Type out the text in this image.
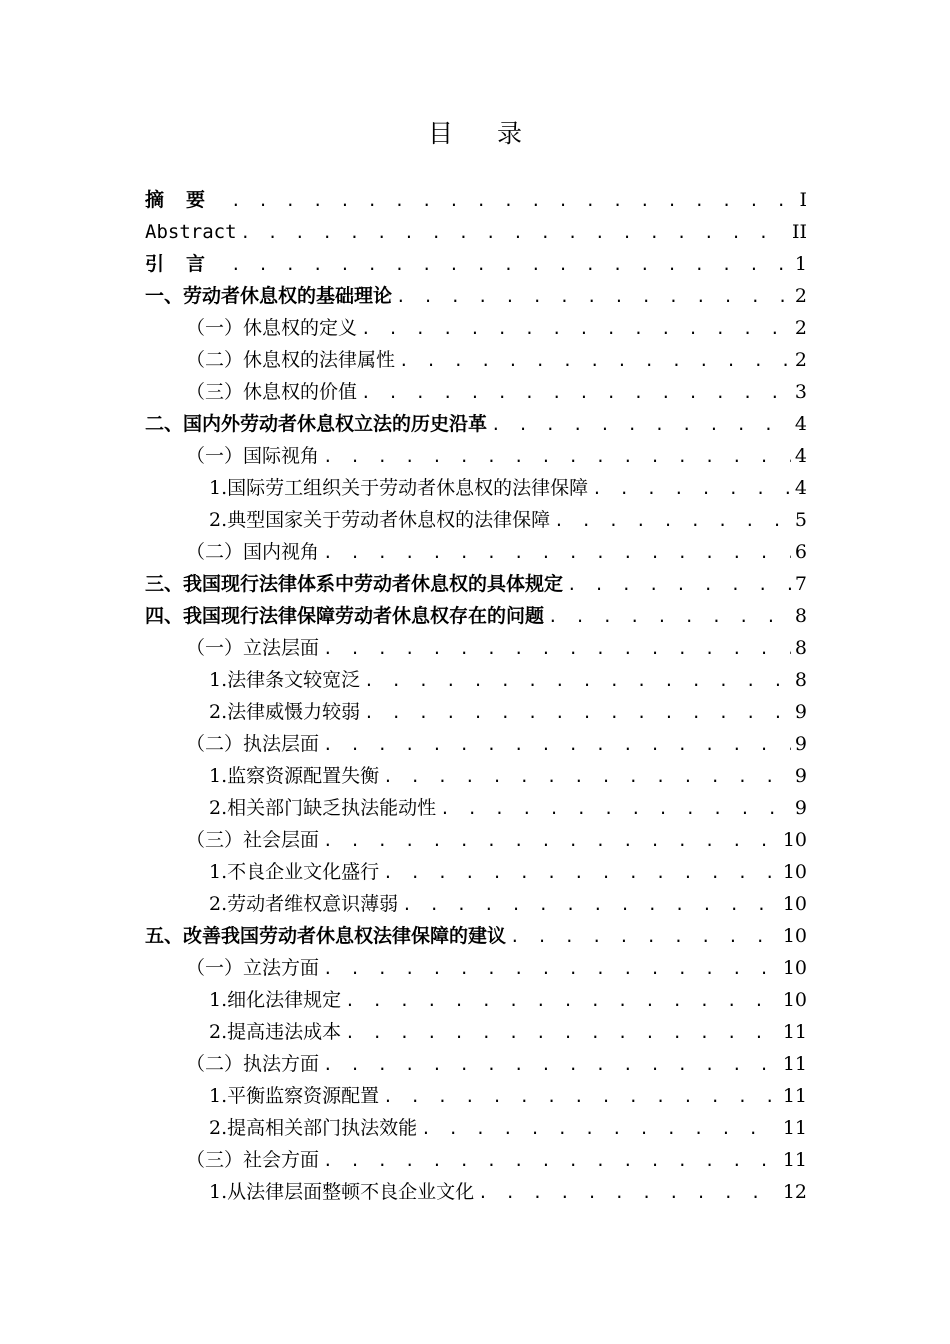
目 录
摘要 . . .	I
Abstract . . .	II
引言 . . .	1
一、劳动者休息权的基础理论 . . .	2
（一）休息权的定义 . . .	2
（二）休息权的法律属性 . . .	2
（三）休息权的价值 . . .	3
二、国内外劳动者休息权立法的历史沿革 . . .	4
（一）国际视角 . . .	4
1.国际劳工组织关于劳动者休息权的法律保障 . . .	4
2.典型国家关于劳动者休息权的法律保障 . . .	5
（二）国内视角 . . .	6
三、我国现行法律体系中劳动者休息权的具体规定 . . .	7
四、我国现行法律保障劳动者休息权存在的问题 . . .	8
（一）立法层面 . . .	8
1.法律条文较宽泛 . . .	8
2.法律威慑力较弱 . . .	9
（二）执法层面 . . .	9
1.监察资源配置失衡 . . .	9
2.相关部门缺乏执法能动性 . . .	9
（三）社会层面 . . .	10
1.不良企业文化盛行 . . .	10
2.劳动者维权意识薄弱 . . .	10
五、改善我国劳动者休息权法律保障的建议 . . .	10
（一）立法方面 . . .	10
1.细化法律规定 . . .	10
2.提高违法成本 . . .	11
（二）执法方面 . . .	11
1.平衡监察资源配置 . . .	11
2.提高相关部门执法效能 . . .	11
（三）社会方面 . . .	11
1.从法律层面整顿不良企业文化 . . .	12
